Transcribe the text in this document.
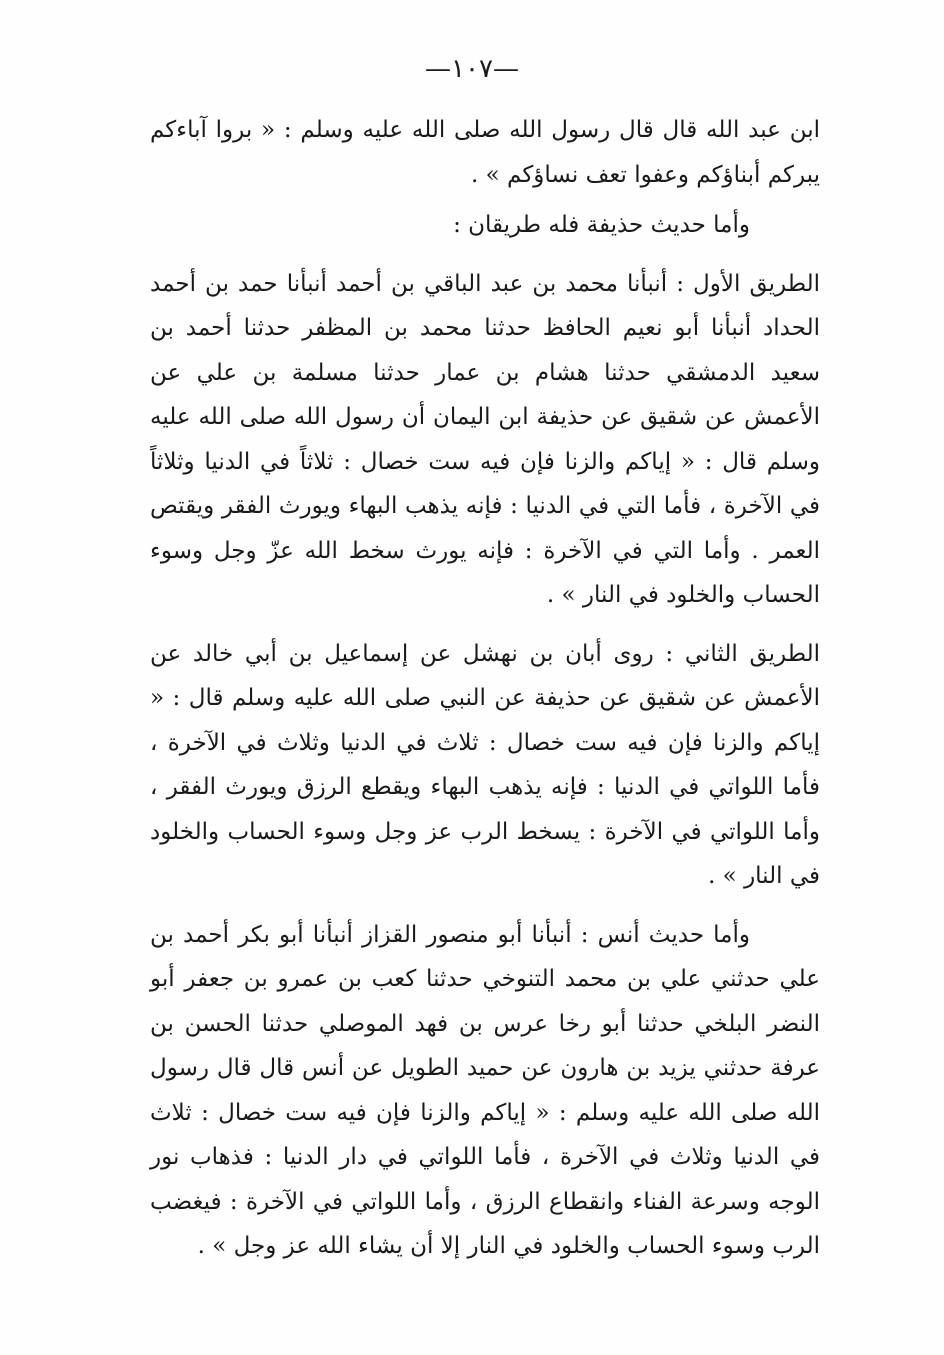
—١٠٧—

ابن عبد الله قال قال رسول الله صلى الله عليه وسلم : « بروا آباءكم يبركم أبناؤكم وعفوا تعف نساؤكم » .

وأما حديث حذيفة فله طريقان :

الطريق الأول : أنبأنا محمد بن عبد الباقي بن أحمد أنبأنا حمد بن أحمد الحداد أنبأنا أبو نعيم الحافظ حدثنا محمد بن المظفر حدثنا أحمد بن سعيد الدمشقي حدثنا هشام بن عمار حدثنا مسلمة بن علي عن الأعمش عن شقيق عن حذيفة ابن اليمان أن رسول الله صلى الله عليه وسلم قال : « إياكم والزنا فإن فيه ست خصال : ثلاثاً في الدنيا وثلاثاً في الآخرة ، فأما التي في الدنيا : فإنه يذهب البهاء ويورث الفقر ويقتص العمر . وأما التي في الآخرة : فإنه يورث سخط الله عزّ وجل وسوء الحساب والخلود في النار » .

الطريق الثاني : روى أبان بن نهشل عن إسماعيل بن أبي خالد عن الأعمش عن شقيق عن حذيفة عن النبي صلى الله عليه وسلم قال : « إياكم والزنا فإن فيه ست خصال : ثلاث في الدنيا وثلاث في الآخرة ، فأما اللواتي في الدنيا : فإنه يذهب البهاء ويقطع الرزق ويورث الفقر ، وأما اللواتي في الآخرة : يسخط الرب عز وجل وسوء الحساب والخلود في النار » .

وأما حديث أنس : أنبأنا أبو منصور القزاز أنبأنا أبو بكر أحمد بن علي حدثني علي بن محمد التنوخي حدثنا كعب بن عمرو بن جعفر أبو النضر البلخي حدثنا أبو رخا عرس بن فهد الموصلي حدثنا الحسن بن عرفة حدثني يزيد بن هارون عن حميد الطويل عن أنس قال قال رسول الله صلى الله عليه وسلم : « إياكم والزنا فإن فيه ست خصال : ثلاث في الدنيا وثلاث في الآخرة ، فأما اللواتي في دار الدنيا : فذهاب نور الوجه وسرعة الفناء وانقطاع الرزق ، وأما اللواتي في الآخرة : فيغضب الرب وسوء الحساب والخلود في النار إلا أن يشاء الله عز وجل » .
